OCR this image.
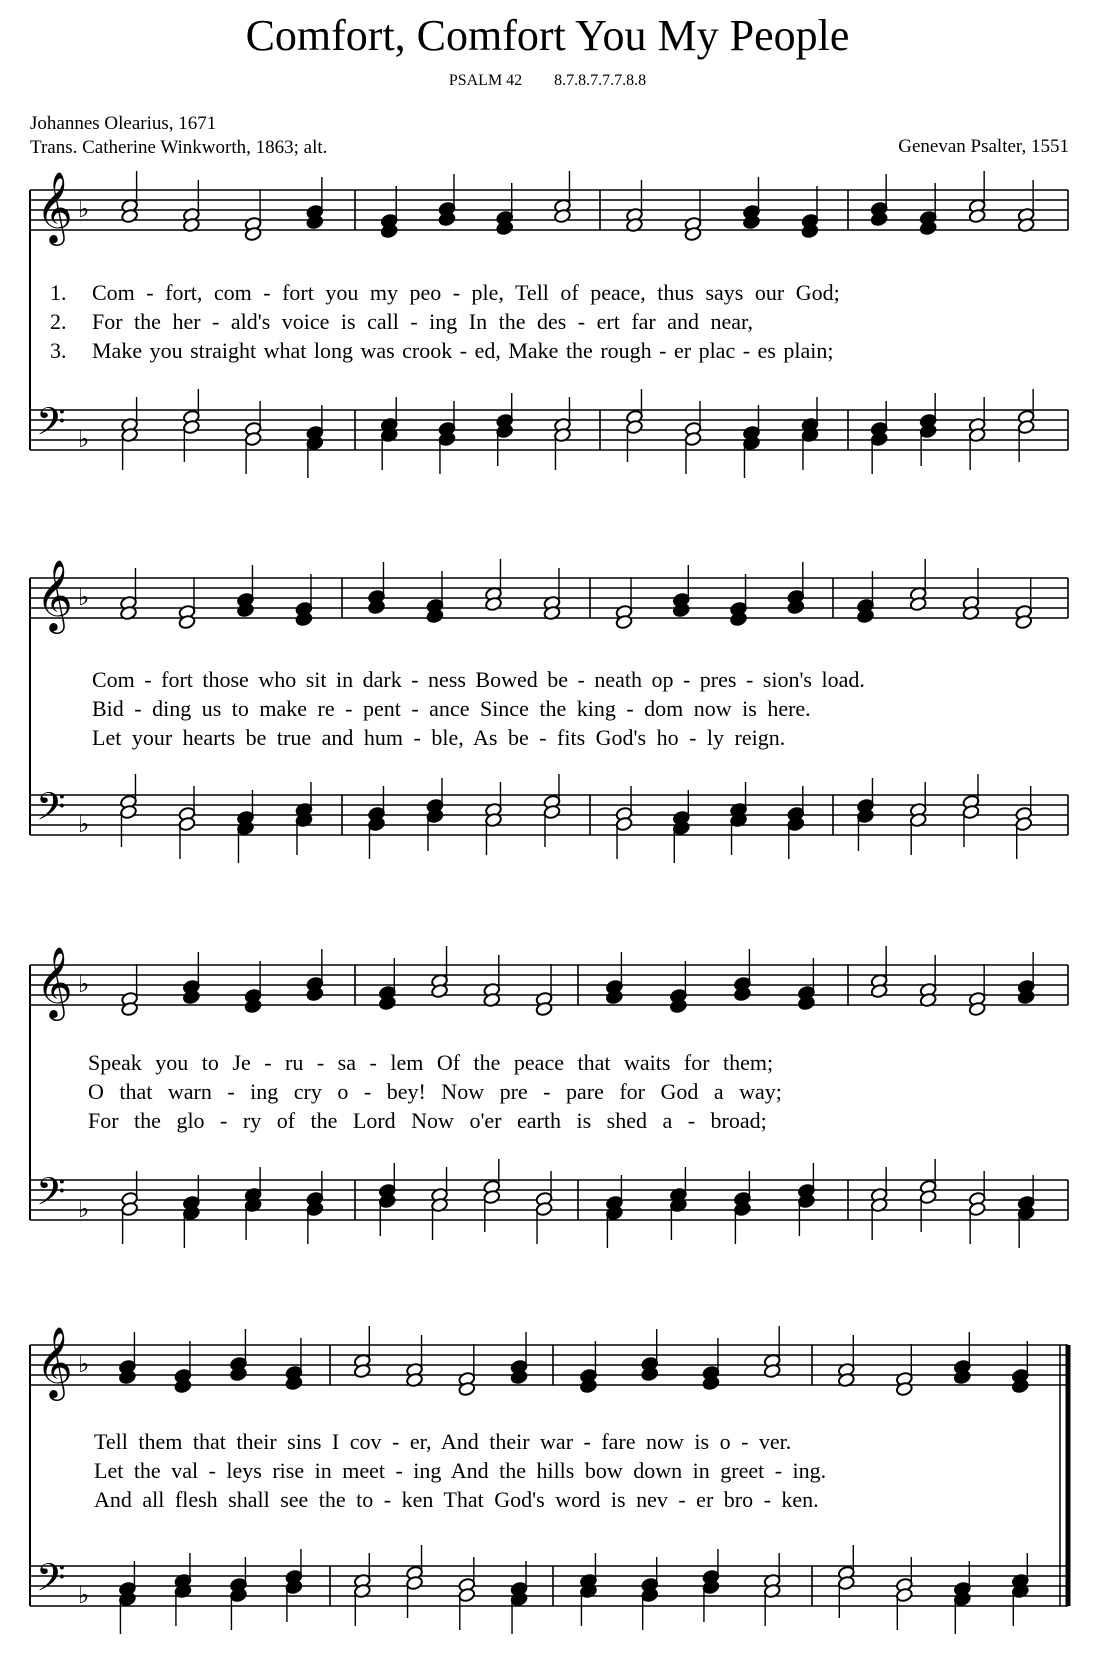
Comfort, Comfort You My People
PSALM 42 8.7.8.7.7.7.8.8
Johannes Olearius, 1671
Trans. Catherine Winkworth, 1863; alt.	Genevan Psalter, 1551
𝄞
𝄢
♭
♭
𝄞
𝄢
♭
♭
𝄞
𝄢
♭
♭
𝄞
𝄢
♭
♭
1.
2.
3.
Com - fort, com - fort you my peo - ple, Tell of peace, thus says our God;
For the her - ald's voice is call - ing In the des - ert far and near,
Make you straight what long was crook - ed, Make the rough - er plac - es plain;
Com - fort those who sit in dark - ness Bowed be - neath op - pres - sion's load.
Bid - ding us to make re - pent - ance Since the king - dom now is here.
Let your hearts be true and hum - ble, As be - fits God's ho - ly reign.
Speak you to Je - ru - sa - lem Of the peace that waits for them;
O that warn - ing cry o - bey! Now pre - pare for God a way;
For the glo - ry of the Lord Now o'er earth is shed a - broad;
Tell them that their sins I cov - er, And their war - fare now is o - ver.
Let the val - leys rise in meet - ing And the hills bow down in greet - ing.
And all flesh shall see the to - ken That God's word is nev - er bro - ken.
